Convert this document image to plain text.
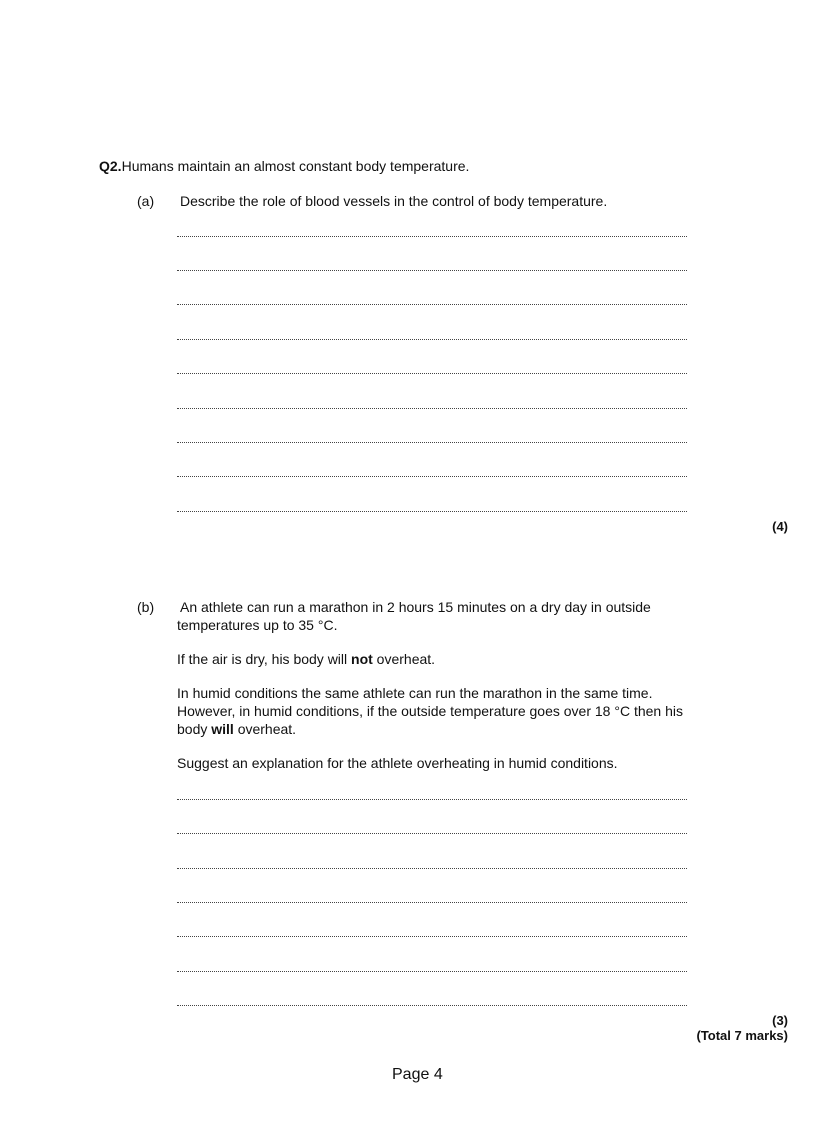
Q2.Humans maintain an almost constant body temperature.
(a) Describe the role of blood vessels in the control of body temperature.
(4)
(b) An athlete can run a marathon in 2 hours 15 minutes on a dry day in outside
temperatures up to 35 °C.
If the air is dry, his body will not overheat.
In humid conditions the same athlete can run the marathon in the same time.
However, in humid conditions, if the outside temperature goes over 18 °C then his
body will overheat.
Suggest an explanation for the athlete overheating in humid conditions.
(3)
(Total 7 marks)
Page 4
